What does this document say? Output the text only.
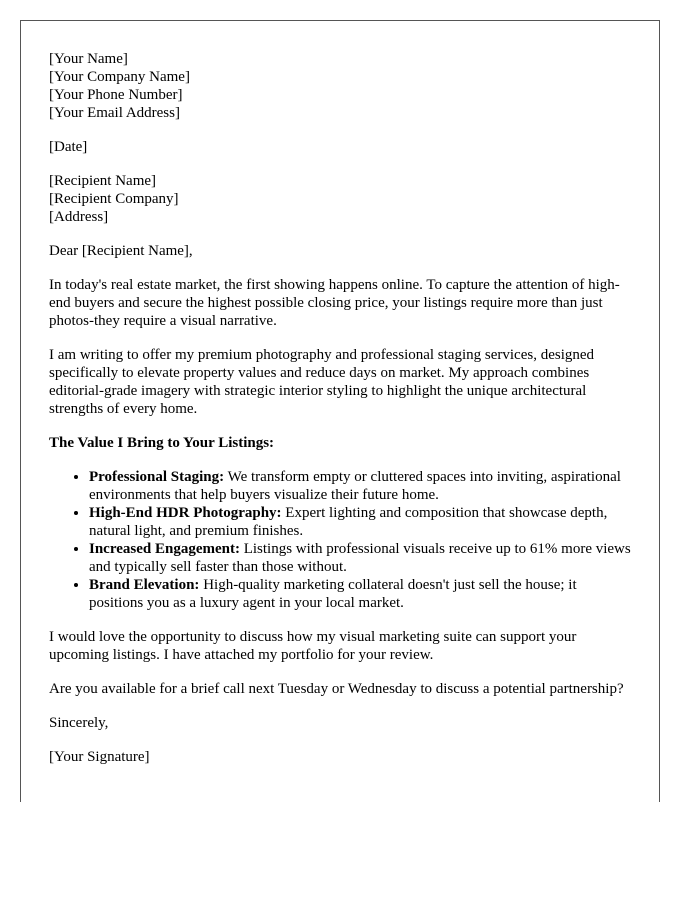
[Your Name]
[Your Company Name]
[Your Phone Number]
[Your Email Address]
[Date]
[Recipient Name]
[Recipient Company]
[Address]

Dear [Recipient Name],

In today's real estate market, the first showing happens online. To capture the attention of high-end buyers and secure the highest possible closing price, your listings require more than just photos-they require a visual narrative.

I am writing to offer my premium photography and professional staging services, designed specifically to elevate property values and reduce days on market. My approach combines editorial-grade imagery with strategic interior styling to highlight the unique architectural strengths of every home.

The Value I Bring to Your Listings:

• Professional Staging: We transform empty or cluttered spaces into inviting, aspirational environments that help buyers visualize their future home.
• High-End HDR Photography: Expert lighting and composition that showcase depth, natural light, and premium finishes.
• Increased Engagement: Listings with professional visuals receive up to 61% more views and typically sell faster than those without.
• Brand Elevation: High-quality marketing collateral doesn't just sell the house; it positions you as a luxury agent in your local market.

I would love the opportunity to discuss how my visual marketing suite can support your upcoming listings. I have attached my portfolio for your review.

Are you available for a brief call next Tuesday or Wednesday to discuss a potential partnership?

Sincerely,

[Your Signature]
